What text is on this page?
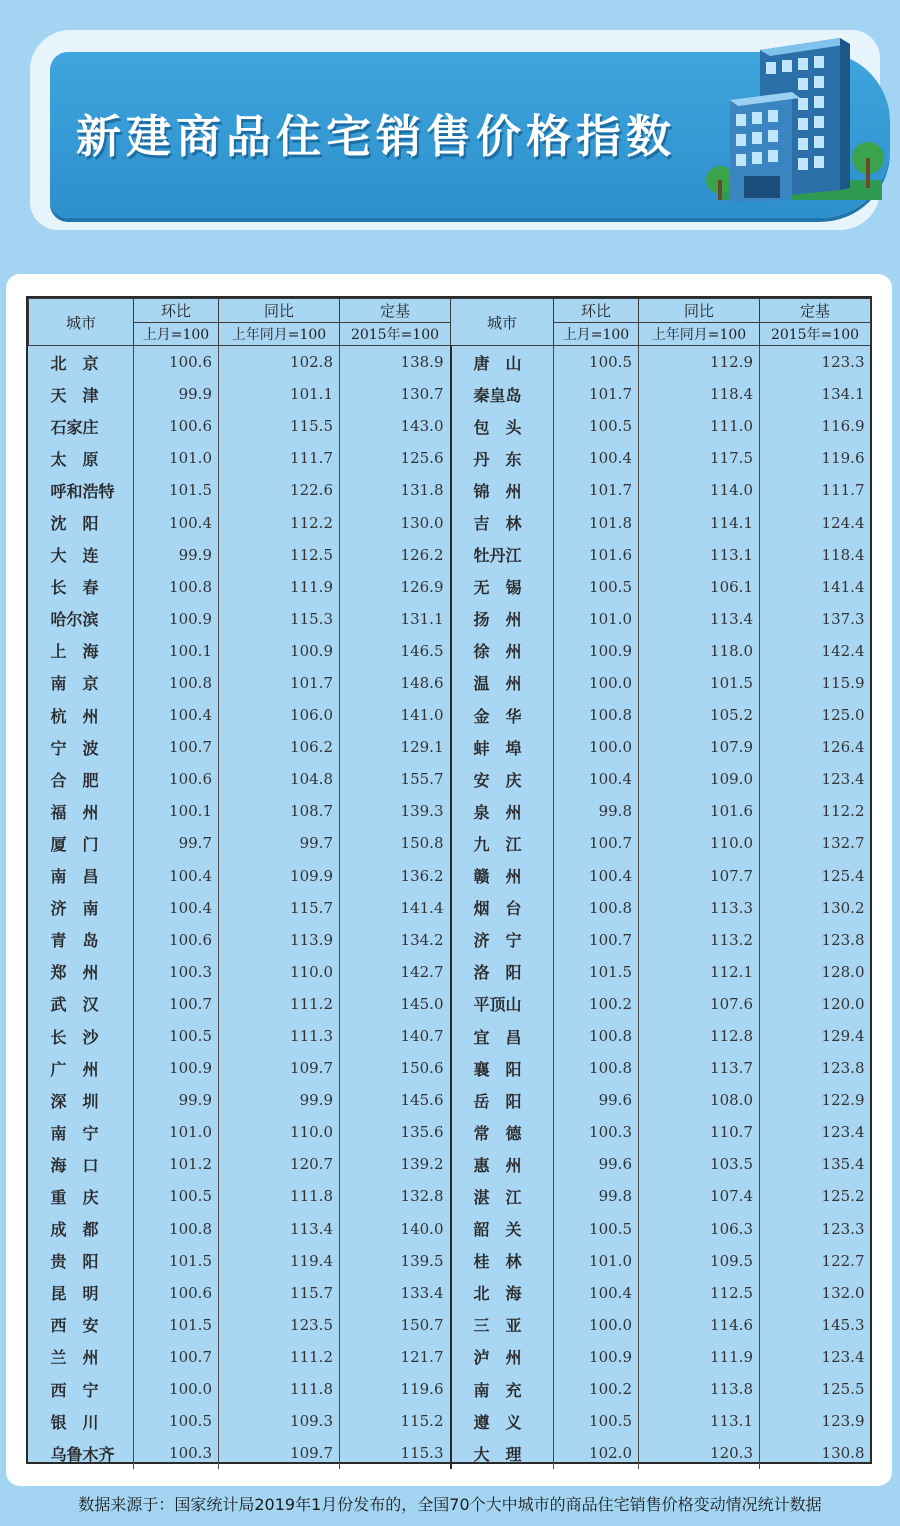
新建商品住宅销售价格指数
城市	环比	同比	定基	城市	环比	同比	定基
	上月=100	上年同月=100	2015年=100		上月=100	上年同月=100	2015年=100
北　京	100.6	102.8	138.9	唐　山	100.5	112.9	123.3
天　津	99.9	101.1	130.7	秦皇岛	101.7	118.4	134.1
石家庄	100.6	115.5	143.0	包　头	100.5	111.0	116.9
太　原	101.0	111.7	125.6	丹　东	100.4	117.5	119.6
呼和浩特	101.5	122.6	131.8	锦　州	101.7	114.0	111.7
沈　阳	100.4	112.2	130.0	吉　林	101.8	114.1	124.4
大　连	99.9	112.5	126.2	牡丹江	101.6	113.1	118.4
长　春	100.8	111.9	126.9	无　锡	100.5	106.1	141.4
哈尔滨	100.9	115.3	131.1	扬　州	101.0	113.4	137.3
上　海	100.1	100.9	146.5	徐　州	100.9	118.0	142.4
南　京	100.8	101.7	148.6	温　州	100.0	101.5	115.9
杭　州	100.4	106.0	141.0	金　华	100.8	105.2	125.0
宁　波	100.7	106.2	129.1	蚌　埠	100.0	107.9	126.4
合　肥	100.6	104.8	155.7	安　庆	100.4	109.0	123.4
福　州	100.1	108.7	139.3	泉　州	99.8	101.6	112.2
厦　门	99.7	99.7	150.8	九　江	100.7	110.0	132.7
南　昌	100.4	109.9	136.2	赣　州	100.4	107.7	125.4
济　南	100.4	115.7	141.4	烟　台	100.8	113.3	130.2
青　岛	100.6	113.9	134.2	济　宁	100.7	113.2	123.8
郑　州	100.3	110.0	142.7	洛　阳	101.5	112.1	128.0
武　汉	100.7	111.2	145.0	平顶山	100.2	107.6	120.0
长　沙	100.5	111.3	140.7	宜　昌	100.8	112.8	129.4
广　州	100.9	109.7	150.6	襄　阳	100.8	113.7	123.8
深　圳	99.9	99.9	145.6	岳　阳	99.6	108.0	122.9
南　宁	101.0	110.0	135.6	常　德	100.3	110.7	123.4
海　口	101.2	120.7	139.2	惠　州	99.6	103.5	135.4
重　庆	100.5	111.8	132.8	湛　江	99.8	107.4	125.2
成　都	100.8	113.4	140.0	韶　关	100.5	106.3	123.3
贵　阳	101.5	119.4	139.5	桂　林	101.0	109.5	122.7
昆　明	100.6	115.7	133.4	北　海	100.4	112.5	132.0
西　安	101.5	123.5	150.7	三　亚	100.0	114.6	145.3
兰　州	100.7	111.2	121.7	泸　州	100.9	111.9	123.4
西　宁	100.0	111.8	119.6	南　充	100.2	113.8	125.5
银　川	100.5	109.3	115.2	遵　义	100.5	113.1	123.9
乌鲁木齐	100.3	109.7	115.3	大　理	102.0	120.3	130.8
数据来源于：国家统计局2019年1月份发布的，全国70个大中城市的商品住宅销售价格变动情况统计数据
